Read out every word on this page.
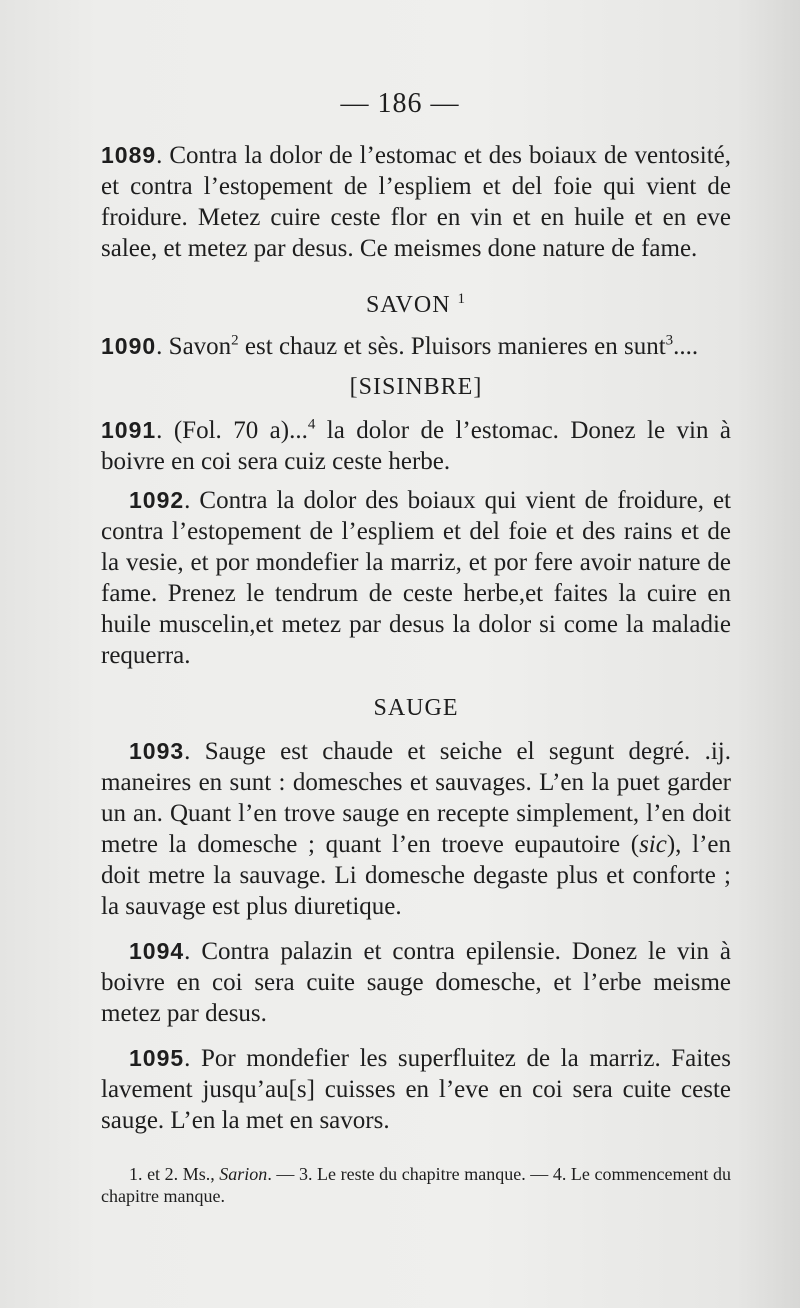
— 186 —

1089. Contra la dolor de l’estomac et des boiaux de ventosité, et contra l’estopement de l’espliem et del foie qui vient de froidure. Metez cuire ceste flor en vin et en huile et en eve salee, et metez par desus. Ce meismes done nature de fame.

SAVON $^1$

1090. Savon$^2$ est chauz et sès. Pluisors manieres en sunt$^3$....

[SISINBRE]

1091. (Fol. 70 a)...$^4$ la dolor de l’estomac. Donez le vin à boivre en coi sera cuiz ceste herbe.

1092. Contra la dolor des boiaux qui vient de froidure, et contra l’estopement de l’espliem et del foie et des rains et de la vesie, et por mondefier la marriz, et por fere avoir nature de fame. Prenez le tendrum de ceste herbe,et faites la cuire en huile muscelin,et metez par desus la dolor si come la maladie requerra.

SAUGE

1093. Sauge est chaude et seiche el segunt degré. .ij. maneires en sunt : domesches et sauvages. L’en la puet garder un an. Quant l’en trove sauge en recepte simplement, l’en doit metre la domesche ; quant l’en troeve eupautoire (sic), l’en doit metre la sauvage. Li domesche degaste plus et conforte ; la sauvage est plus diuretique.

1094. Contra palazin et contra epilensie. Donez le vin à boivre en coi sera cuite sauge domesche, et l’erbe meisme metez par desus.

1095. Por mondefier les superfluitez de la marriz. Faites lavement jusqu’au[s] cuisses en l’eve en coi sera cuite ceste sauge. L’en la met en savors.

1. et 2. Ms., Sarion. — 3. Le reste du chapitre manque. — 4. Le commencement du chapitre manque.
